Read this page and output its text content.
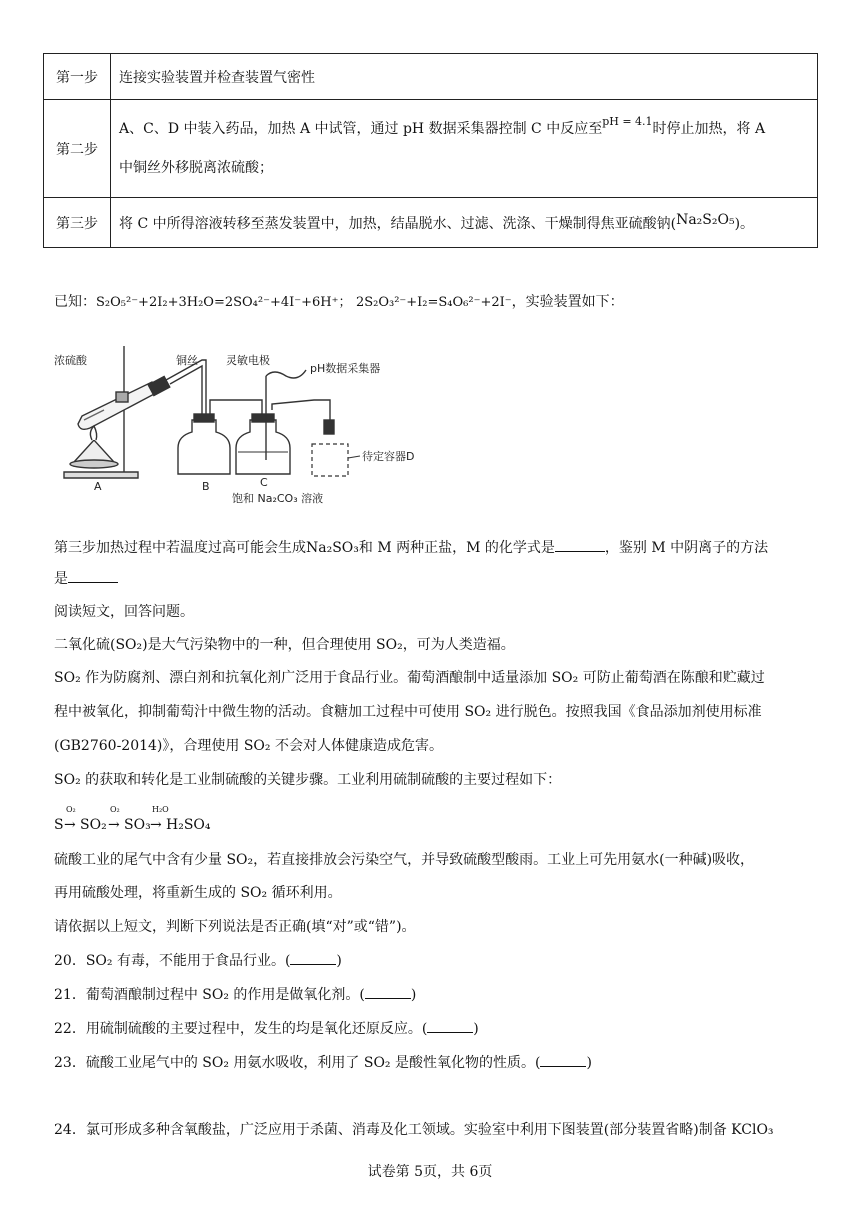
第一步	连接实验装置并检查装置气密性
第二步	A、C、D 中装入药品，加热 A 中试管，通过 pH 数据采集器控制 C 中反应至$^{pH = 4.1}$时停止加热，将 A
中铜丝外移脱离浓硫酸；
第三步	将 C 中所得溶液转移至蒸发装置中，加热，结晶脱水、过滤、洗涤、干燥制得焦亚硫酸钠(Na₂S₂O₅)。
已知：S₂O₅²⁻+2I₂+3H₂O=2SO₄²⁻+4I⁻+6H⁺； 2S₂O₃²⁻+I₂=S₄O₆²⁻+2I⁻，实验装置如下：
浓硫酸	铜丝	灵敏电极
pH数据采集器
待定容器D
A	B	C
饱和 Na₂CO₃ 溶液
第三步加热过程中若温度过高可能会生成Na₂SO₃和 M 两种正盐，M 的化学式是	，鉴别 M 中阴离子的方法
是
阅读短文，回答问题。
二氧化硫(SO₂)是大气污染物中的一种，但合理使用 SO₂，可为人类造福。
SO₂ 作为防腐剂、漂白剂和抗氧化剂广泛用于食品行业。葡萄酒酿制中适量添加 SO₂ 可防止葡萄酒在陈酿和贮藏过
程中被氧化，抑制葡萄汁中微生物的活动。食糖加工过程中可使用 SO₂ 进行脱色。按照我国《食品添加剂使用标准
(GB2760-2014)》，合理使用 SO₂ 不会对人体健康造成危害。
SO₂ 的获取和转化是工业制硫酸的关键步骤。工业利用硫制硫酸的主要过程如下：
O₂	O₂	H₂O
S → SO₂ → SO₃ → H₂SO₄
硫酸工业的尾气中含有少量 SO₂，若直接排放会污染空气，并导致硫酸型酸雨。工业上可先用氨水(一种碱)吸收，
再用硫酸处理，将重新生成的 SO₂ 循环利用。
请依据以上短文，判断下列说法是否正确(填“对”或“错”)。
20．SO₂ 有毒，不能用于食品行业。(	)
21．葡萄酒酿制过程中 SO₂ 的作用是做氧化剂。(	)
22．用硫制硫酸的主要过程中，发生的均是氧化还原反应。(	)
23．硫酸工业尾气中的 SO₂ 用氨水吸收，利用了 SO₂ 是酸性氧化物的性质。(	)
24．氯可形成多种含氧酸盐，广泛应用于杀菌、消毒及化工领域。实验室中利用下图装置(部分装置省略)制备 KClO₃
试卷第 5页，共 6页
